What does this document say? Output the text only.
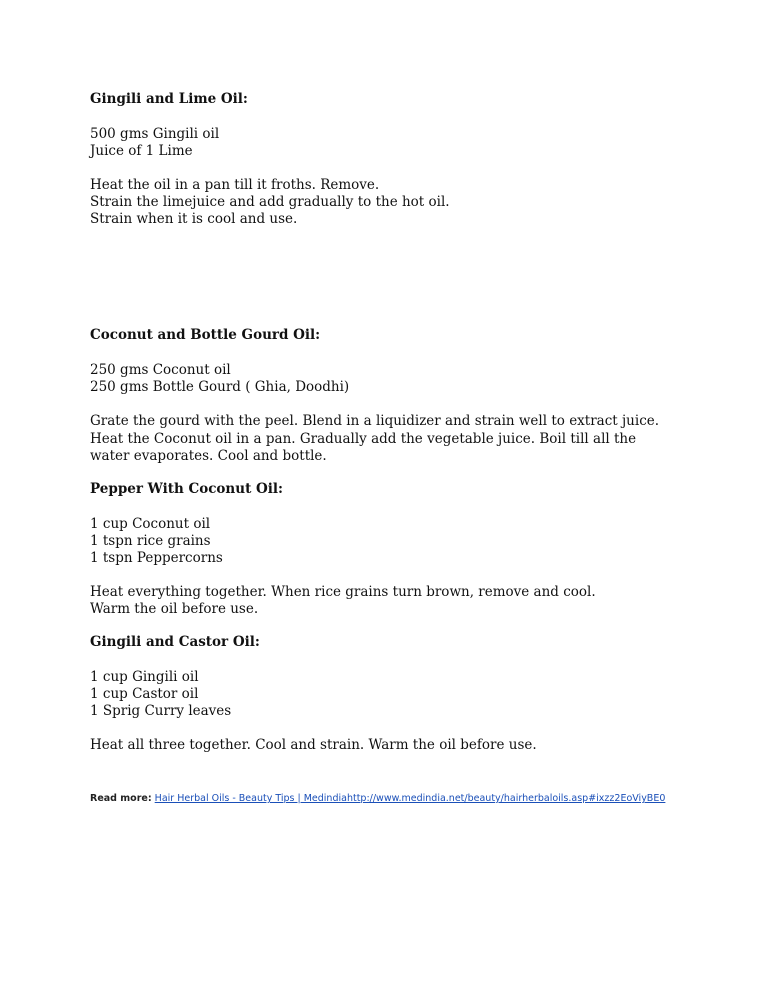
Gingili and Lime Oil:

500 gms Gingili oil

Juice of 1 Lime

Heat the oil in a pan till it froths. Remove.

Strain the limejuice and add gradually to the hot oil.

Strain when it is cool and use.

Coconut and Bottle Gourd Oil:

250 gms Coconut oil

250 gms Bottle Gourd ( Ghia, Doodhi)

Grate the gourd with the peel. Blend in a liquidizer and strain well to extract juice. Heat the Coconut oil in a pan. Gradually add the vegetable juice. Boil till all the water evaporates. Cool and bottle.

Pepper With Coconut Oil:

1 cup Coconut oil

1 tspn rice grains

1 tspn Peppercorns

Heat everything together. When rice grains turn brown, remove and cool.

Warm the oil before use.

Gingili and Castor Oil:

1 cup Gingili oil

1 cup Castor oil

1 Sprig Curry leaves

Heat all three together. Cool and strain. Warm the oil before use.

Read more: Hair Herbal Oils - Beauty Tips | Medindiahttp://www.medindia.net/beauty/hairherbaloils.asp#ixzz2EoViyBE0
